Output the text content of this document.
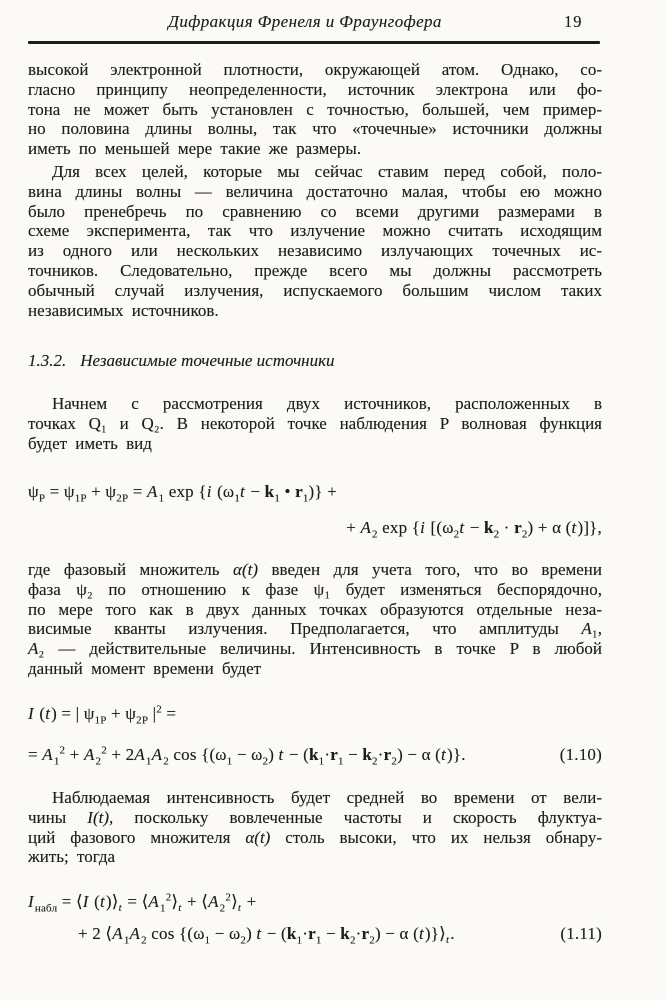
Дифракция Френеля и Фраунгофера	19
высокой электронной плотности, окружающей атом. Однако, со-
гласно принципу неопределенности, источник электрона или фо-
тона не может быть установлен с точностью, большей, чем пример-
но половина длины волны, так что «точечные» источники должны
иметь по меньшей мере такие же размеры.
Для всех целей, которые мы сейчас ставим перед собой, поло-
вина длины волны — величина достаточно малая, чтобы ею можно
было пренебречь по сравнению со всеми другими размерами в
схеме эксперимента, так что излучение можно считать исходящим
из одного или нескольких независимо излучающих точечных ис-
точников. Следовательно, прежде всего мы должны рассмотреть
обычный случай излучения, испускаемого большим числом таких
независимых источников.
1.3.2. Независимые точечные источники
Начнем с рассмотрения двух источников, расположенных в
точках Q₁ и Q₂. В некоторой точке наблюдения P волновая функция
будет иметь вид
$\psi_P = \psi_{1P} + \psi_{2P} = A_1$ exp {i ($\omega_1t - k_1$ • $r_1$)} +
+ $A_2$ exp {i [$(\omega_2t - k_2 \cdot r_2) + \alpha$ (t)]},
где фазовый множитель α(t) введен для учета того, что во времени
фаза ψ₂ по отношению к фазе ψ₁ будет изменяться беспорядочно,
по мере того как в двух данных точках образуются отдельные неза-
висимые кванты излучения. Предполагается, что амплитуды A₁,
A₂ — действительные величины. Интенсивность в точке P в любой
данный момент времени будет
I (t) = | $\psi_{1P} + \psi_{2P}$ $|^2$ =
= $A_1^2 + A_2^2 + 2A_1A_2$ $\cos \{(\omega_1 - \omega_2) t - (k_1\cdot r_1 - k_2\cdot r_2) - \alpha$ (t)}.	(1.10)
Наблюдаемая интенсивность будет средней во времени от вели-
чины I(t), поскольку вовлеченные частоты и скорость флуктуа-
ций фазового множителя α(t) столь высоки, что их нельзя обнару-
жить; тогда
$I_{набл}$ = ⟨I $(t)⟩_t$ = $⟨A_1^2⟩_t$ + $⟨A_2^2⟩_t$ +
+ 2 $⟨A_1A_2$ $\cos \{(\omega_1 - \omega_2) t - (k_1\cdot r_1 - k_2\cdot r_2) - \alpha$ $(t)\}⟩_t$.	(1.11)
